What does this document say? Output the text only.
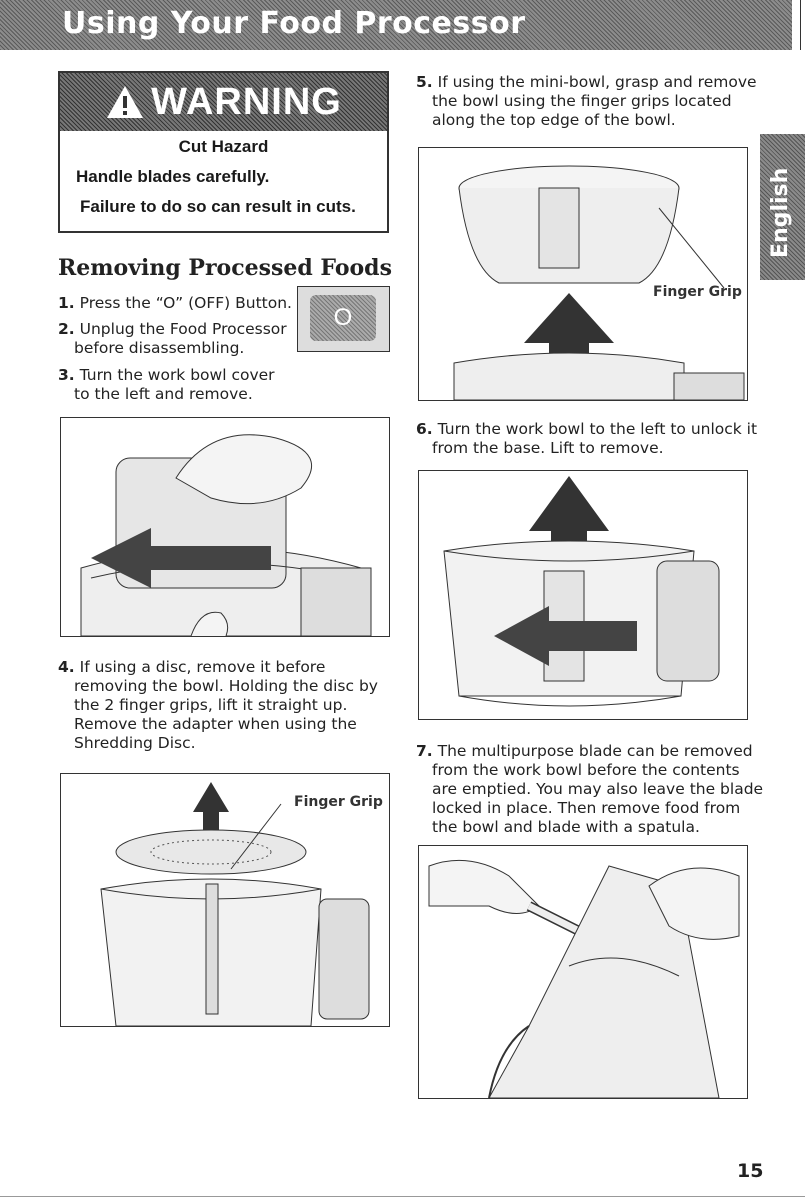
Using Your Food Processor
English
WARNING
Cut Hazard
Handle blades carefully.
Failure to do so can result in cuts.
Removing Processed Foods
1. Press the “O” (OFF) Button.
2. Unplug the Food Processor
before disassembling.
3. Turn the work bowl cover
to the left and remove.
O
4. If using a disc, remove it before
removing the bowl. Holding the disc by
the 2 finger grips, lift it straight up.
Remove the adapter when using the
Shredding Disc.
Finger Grip
5. If using the mini-bowl, grasp and remove
the bowl using the finger grips located
along the top edge of the bowl.
Finger Grip
6. Turn the work bowl to the left to unlock it
from the base. Lift to remove.
7. The multipurpose blade can be removed
from the work bowl before the contents
are emptied. You may also leave the blade
locked in place. Then remove food from
the bowl and blade with a spatula.
15
